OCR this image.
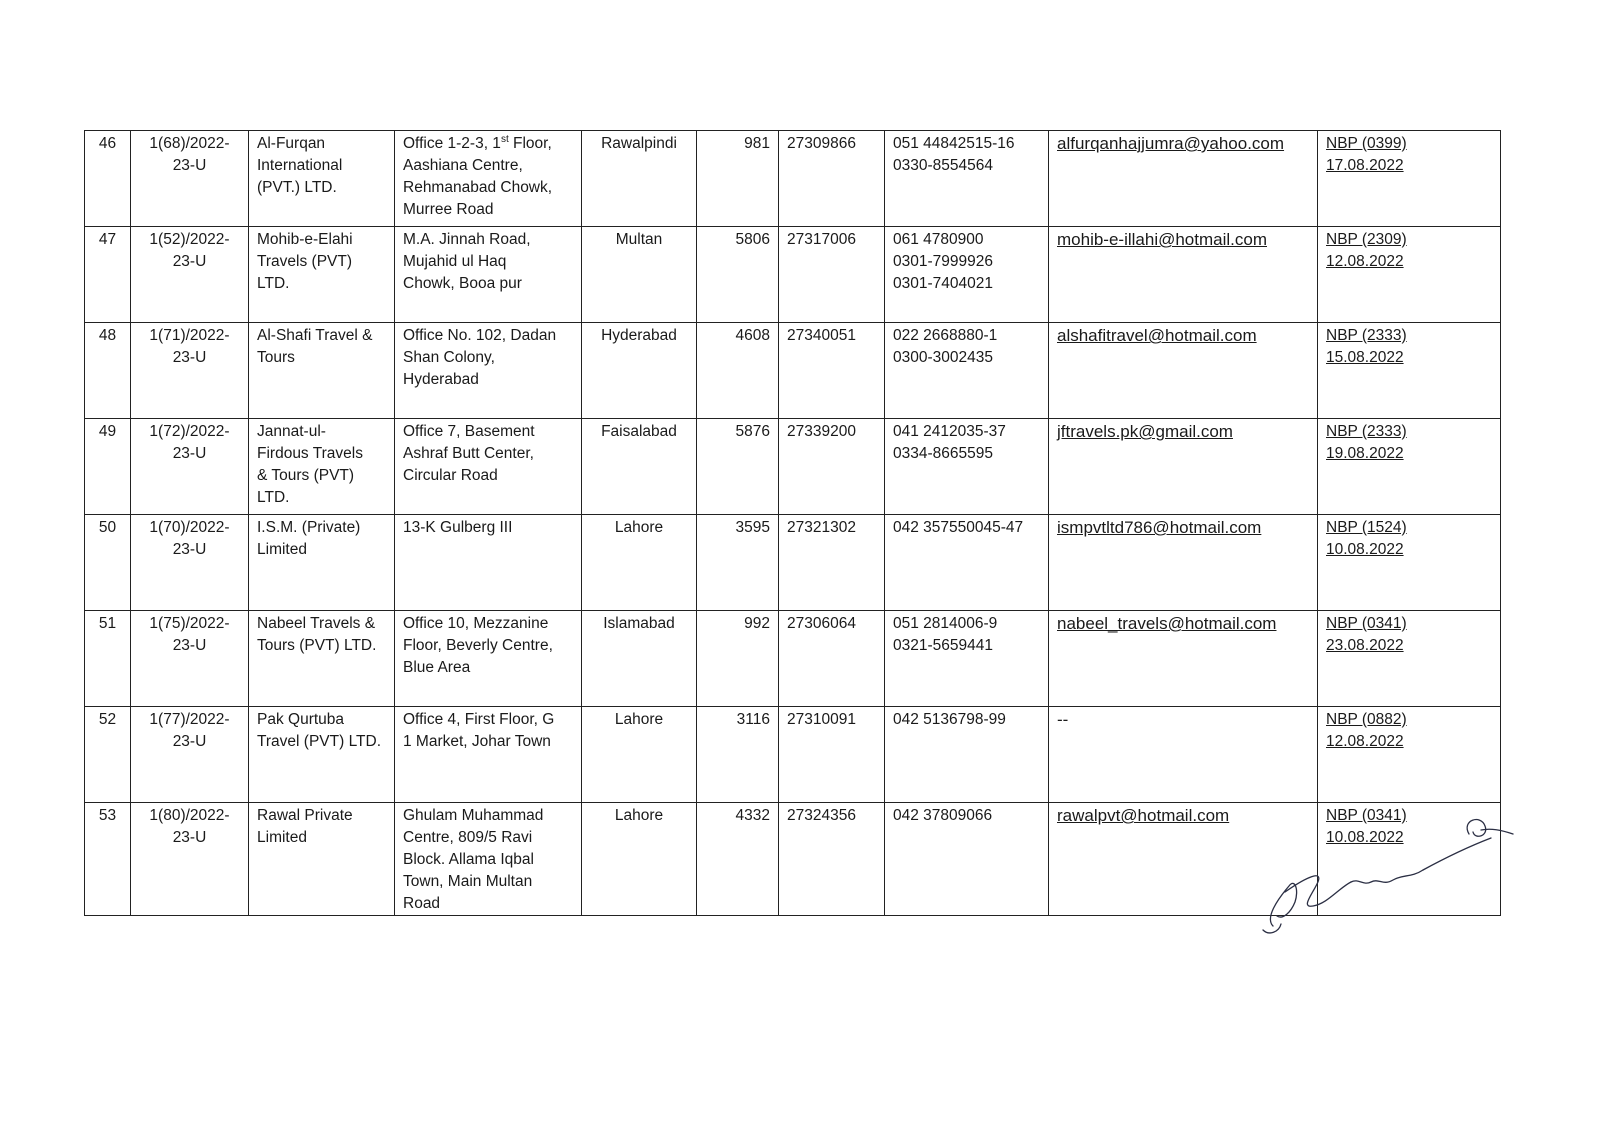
46	1(68)/2022-
23-U	Al-Furqan
International
(PVT.) LTD.	Office 1-2-3, 1st Floor,
Aashiana Centre,
Rehmanabad Chowk,
Murree Road	Rawalpindi	981	27309866	051 44842515-16
0330-8554564	alfurqanhajjumra@yahoo.com	NBP (0399)
17.08.2022

47	1(52)/2022-
23-U	Mohib-e-Elahi
Travels (PVT)
LTD.	M.A. Jinnah Road,
Mujahid ul Haq
Chowk, Booa pur	Multan	5806	27317006	061 4780900
0301-7999926
0301-7404021	mohib-e-illahi@hotmail.com	NBP (2309)
12.08.2022

48	1(71)/2022-
23-U	Al-Shafi Travel &
Tours	Office No. 102, Dadan
Shan Colony,
Hyderabad	Hyderabad	4608	27340051	022 2668880-1
0300-3002435	alshafitravel@hotmail.com	NBP (2333)
15.08.2022

49	1(72)/2022-
23-U	Jannat-ul-
Firdous Travels
& Tours (PVT)
LTD.	Office 7, Basement
Ashraf Butt Center,
Circular Road	Faisalabad	5876	27339200	041 2412035-37
0334-8665595	jftravels.pk@gmail.com	NBP (2333)
19.08.2022

50	1(70)/2022-
23-U	I.S.M. (Private)
Limited	13-K Gulberg III	Lahore	3595	27321302	042 357550045-47	ismpvtltd786@hotmail.com	NBP (1524)
10.08.2022

51	1(75)/2022-
23-U	Nabeel Travels &
Tours (PVT) LTD.	Office 10, Mezzanine
Floor, Beverly Centre,
Blue Area	Islamabad	992	27306064	051 2814006-9
0321-5659441	nabeel_travels@hotmail.com	NBP (0341)
23.08.2022

52	1(77)/2022-
23-U	Pak Qurtuba
Travel (PVT) LTD.	Office 4, First Floor, G
1 Market, Johar Town	Lahore	3116	27310091	042 5136798-99	--	NBP (0882)
12.08.2022

53	1(80)/2022-
23-U	Rawal Private
Limited	Ghulam Muhammad
Centre, 809/5 Ravi
Block. Allama Iqbal
Town, Main Multan
Road	Lahore	4332	27324356	042 37809066	rawalpvt@hotmail.com	NBP (0341)
10.08.2022
